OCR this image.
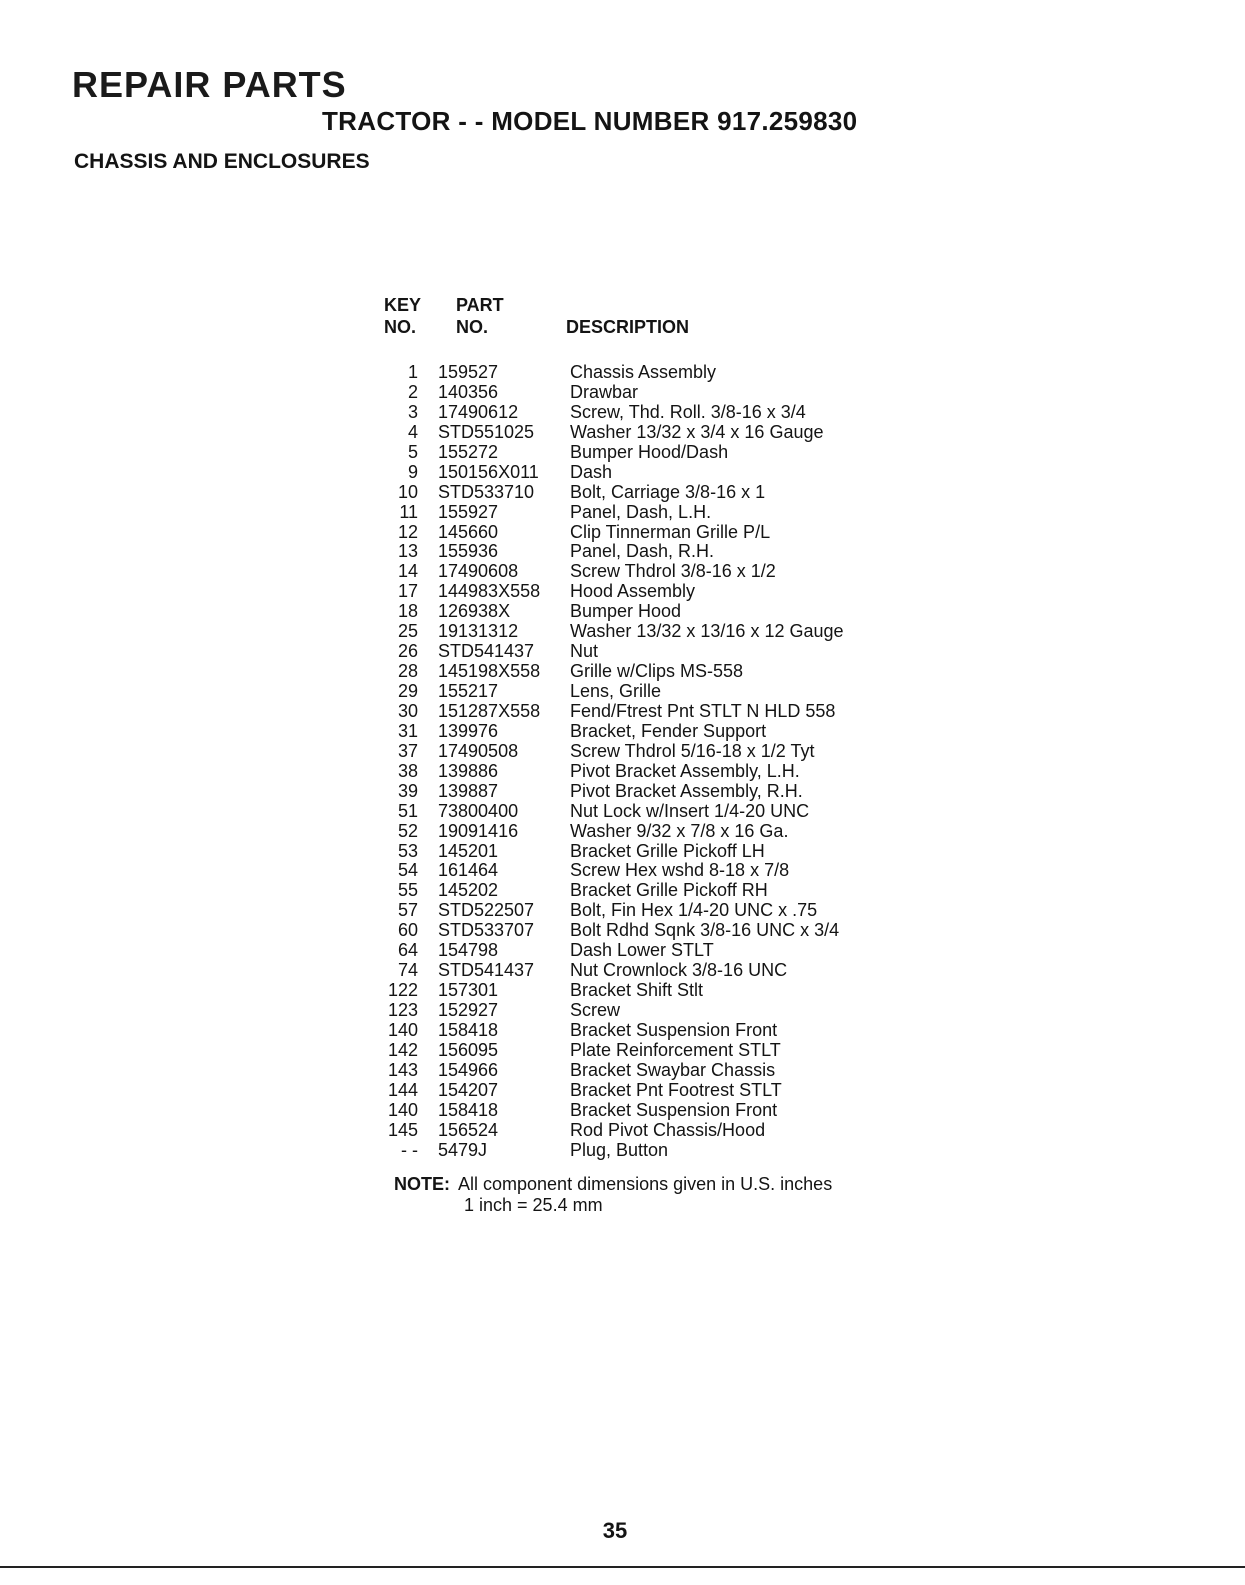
REPAIR PARTS
TRACTOR - - MODEL NUMBER 917.259830
CHASSIS AND ENCLOSURES
KEY
NO.
PART
NO.	DESCRIPTION
1 159527	Chassis Assembly
2 140356	Drawbar
3 17490612	Screw, Thd. Roll. 3/8-16 x 3/4
4 STD551025 Washer 13/32 x 3/4 x 16 Gauge
5 155272	Bumper Hood/Dash
9 150156X011 Dash
10 STD533710 Bolt, Carriage 3/8-16 x 1
11 155927	Panel, Dash, L.H.
12 145660	Clip Tinnerman Grille P/L
13 155936	Panel, Dash, R.H.
14 17490608	Screw Thdrol 3/8-16 x 1/2
17 144983X558 Hood Assembly
18 126938X	Bumper Hood
25 19131312	Washer 13/32 x 13/16 x 12 Gauge
26 STD541437 Nut
28 145198X558 Grille w/Clips MS-558
29 155217	Lens, Grille
30 151287X558 Fend/Ftrest Pnt STLT N HLD 558
31 139976	Bracket, Fender Support
37 17490508	Screw Thdrol 5/16-18 x 1/2 Tyt
38 139886	Pivot Bracket Assembly, L.H.
39 139887	Pivot Bracket Assembly, R.H.
51 73800400	Nut Lock w/Insert 1/4-20 UNC
52 19091416	Washer 9/32 x 7/8 x 16 Ga.
53 145201	Bracket Grille Pickoff LH
54 161464	Screw Hex wshd 8-18 x 7/8
55 145202	Bracket Grille Pickoff RH
57 STD522507 Bolt, Fin Hex 1/4-20 UNC x .75
60 STD533707 Bolt Rdhd Sqnk 3/8-16 UNC x 3/4
64 154798	Dash Lower STLT
74 STD541437 Nut Crownlock 3/8-16 UNC
122 157301	Bracket Shift Stlt
123 152927	Screw
140 158418	Bracket Suspension Front
142 156095	Plate Reinforcement STLT
143 154966	Bracket Swaybar Chassis
144 154207	Bracket Pnt Footrest STLT
140 158418	Bracket Suspension Front
145 156524	Rod Pivot Chassis/Hood
- - 5479J	Plug, Button
NOTE: All component dimensions given in U.S. inches
1 inch = 25.4 mm
35
